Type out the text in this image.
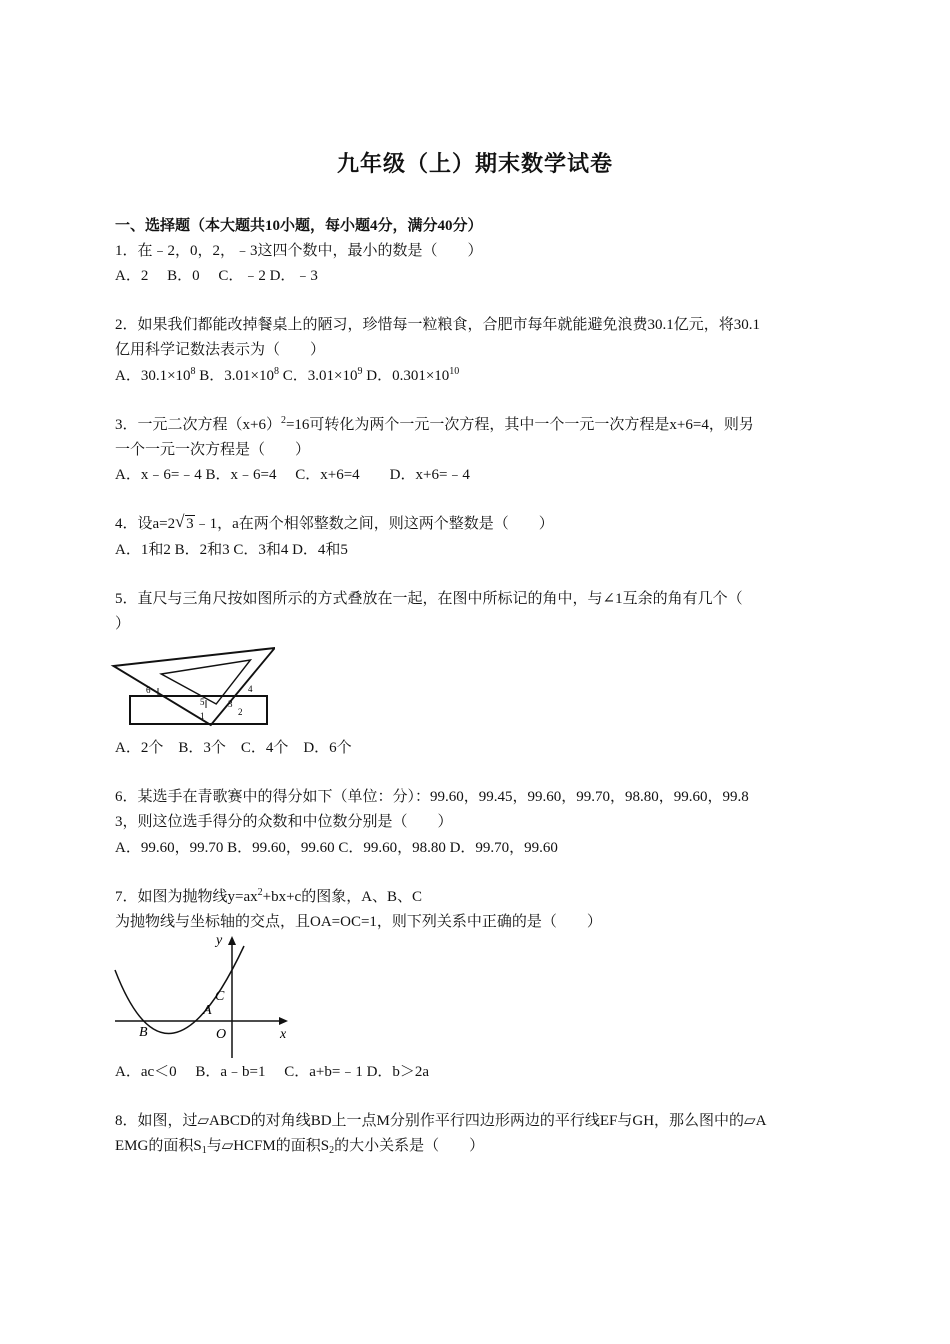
九年级（上）期末数学试卷
一、选择题（本大题共10小题，每小题4分，满分40分）
1．在﹣2，0，2，﹣3这四个数中，最小的数是（　　）
A．2　 B．0　 C．﹣2 D．﹣3
2．如果我们都能改掉餐桌上的陋习，珍惜每一粒粮食，合肥市每年就能避免浪费30.1亿元，将30.1
亿用科学记数法表示为（　　）
A．$30.1\times 10^8$ B．$3.01\times 10^8$ C．$3.01\times 10^9$ D．$0.301\times 10^{10}$
3．一元二次方程$(x+6)^2=16$可转化为两个一元一次方程，其中一个一元一次方程是x+6=4，则另
一个一元一次方程是（　　）
A．x﹣6=﹣4 B．x﹣6=4　 C．x+6=4　　D．x+6=﹣4
4．设a=2 √ 3﹣1，a在两个相邻整数之间，则这两个整数是（　　）
A．1和2 B．2和3 C．3和4 D．4和5
5．直尺与三角尺按如图所示的方式叠放在一起，在图中所标记的角中，与∠1互余的角有几个（
）
6
5
1
3
2
4
A．2个　B．3个　C．4个　D．6个
6．某选手在青歌赛中的得分如下（单位：分）：99.60，99.45，99.60，99.70，98.80，99.60，99.8
3，则这位选手得分的众数和中位数分别是（　　）
A．99.60，99.70 B．99.60，99.60 C．99.60，98.80 D．99.70，99.60
7．如图为抛物线$y=ax^2+bx+c$的图象，A、B、C
为抛物线与坐标轴的交点，且OA=OC=1，则下列关系中正确的是（　　）
y
x
C
A
B	O
A．ac＜0　 B．a﹣b=1　 C．a+b=﹣1 D．b＞2a
8．如图，过▱ABCD的对角线BD上一点M分别作平行四边形两边的平行线EF与GH，那么图中的▱A
EMG的面积$S_1$与▱HCFM的面积$S_2$的大小关系是（　　）
